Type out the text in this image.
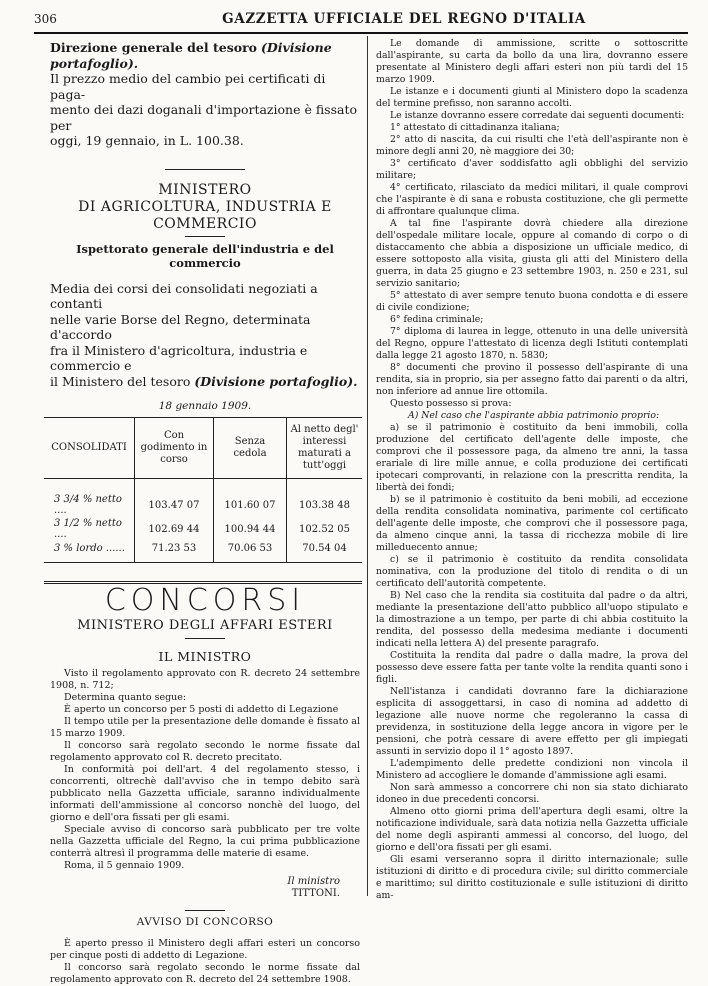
306	GAZZETTA UFFICIALE DEL REGNO D'ITALIA
Direzione generale del tesoro (Divisione portafoglio).
Il prezzo medio del cambio pei certificati di paga-
mento dei dazi doganali d'importazione è fissato per
oggi, 19 gennaio, in L. 100.38.
MINISTERO
DI AGRICOLTURA, INDUSTRIA E COMMERCIO
Ispettorato generale dell'industria e del commercio
Media dei corsi dei consolidati negoziati a contanti
nelle varie Borse del Regno, determinata d'accordo
fra il Ministero d'agricoltura, industria e commercio e
il Ministero del tesoro (Divisione portafoglio).
18 gennaio 1909.
CONSOLIDATI	Con godimento in corso	Senza cedola	Al netto degl' interessi maturati a tutt'oggi

3 3/4 % netto ....	103.47 07	101.60 07	103.38 48
3 1/2 % netto ....	102.69 44	100.94 44	102.52 05
3 % lordo ......	71.23 53	70.06 53	70.54 04
CONCORSI
MINISTERO DEGLI AFFARI ESTERI
IL MINISTRO

Visto il regolamento approvato con R. decreto 24 settembre 1908, n. 712;

Determina quanto segue:

È aperto un concorso per 5 posti di addetto di Legazione

Il tempo utile per la presentazione delle domande è fissato al 15 marzo 1909.

Il concorso sarà regolato secondo le norme fissate dal regolamento approvato col R. decreto precitato.

In conformità poi dell'art. 4 del regolamento stesso, i concorrenti, oltrechè dall'avviso che in tempo debito sarà pubblicato nella Gazzetta ufficiale, saranno individualmente informati dell'ammissione al concorso nonchè del luogo, del giorno e dell'ora fissati per gli esami.

Speciale avviso di concorso sarà pubblicato per tre volte nella Gazzetta ufficiale del Regno, la cui prima pubblicazione conterrà altresì il programma delle materie di esame.

Roma, il 5 gennaio 1909.

Il ministro
TITTONI.
AVVISO DI CONCORSO

È aperto presso il Ministero degli affari esteri un concorso per cinque posti di addetto di Legazione.

Il concorso sarà regolato secondo le norme fissate dal regolamento approvato con R. decreto del 24 settembre 1908.

Le domande di ammissione, scritte o sottoscritte dall'aspirante, su carta da bollo da una lira, dovranno essere presentate al Ministero degli affari esteri non più tardi del 15 marzo 1909.

Le istanze e i documenti giunti al Ministero dopo la scadenza del termine prefisso, non saranno accolti.

Le istanze dovranno essere corredate dai seguenti documenti:

1° attestato di cittadinanza italiana;

2° atto di nascita, da cui risulti che l'età dell'aspirante non è minore degli anni 20, nè maggiore dei 30;

3° certificato d'aver soddisfatto agli obblighi del servizio militare;

4° certificato, rilasciato da medici militari, il quale comprovi che l'aspirante è di sana e robusta costituzione, che gli permette di affrontare qualunque clima.

A tal fine l'aspirante dovrà chiedere alla direzione dell'ospedale militare locale, oppure al comando di corpo o di distaccamento che abbia a disposizione un ufficiale medico, di essere sottoposto alla visita, giusta gli atti del Ministero della guerra, in data 25 giugno e 23 settembre 1903, n. 250 e 231, sul servizio sanitario;

5° attestato di aver sempre tenuto buona condotta e di essere di civile condizione;

6° fedina criminale;

7° diploma di laurea in legge, ottenuto in una delle università del Regno, oppure l'attestato di licenza degli Istituti contemplati dalla legge 21 agosto 1870, n. 5830;

8° documenti che provino il possesso dell'aspirante di una rendita, sia in proprio, sia per assegno fatto dai parenti o da altri, non inferiore ad annue lire ottomila.

Questo possesso si prova:

A) Nel caso che l'aspirante abbia patrimonio proprio:

a) se il patrimonio è costituito da beni immobili, colla produzione del certificato dell'agente delle imposte, che comprovi che il possessore paga, da almeno tre anni, la tassa erariale di lire mille annue, e colla produzione dei certificati ipotecari comprovanti, in relazione con la prescritta rendita, la libertà dei fondi;

b) se il patrimonio è costituito da beni mobili, ad eccezione della rendita consolidata nominativa, parimente col certificato dell'agente delle imposte, che comprovi che il possessore paga, da almeno cinque anni, la tassa di ricchezza mobile di lire milleduecento annue;

c) se il patrimonio è costituito da rendita consolidata nominativa, con la produzione del titolo di rendita o di un certificato dell'autorità competente.

B) Nel caso che la rendita sia costituita dal padre o da altri, mediante la presentazione dell'atto pubblico all'uopo stipulato e la dimostrazione a un tempo, per parte di chi abbia costituito la rendita, del possesso della medesima mediante i documenti indicati nella lettera A) del presente paragrafo.

Costituita la rendita dal padre o dalla madre, la prova del possesso deve essere fatta per tante volte la rendita quanti sono i figli.

Nell'istanza i candidati dovranno fare la dichiarazione esplicita di assoggettarsi, in caso di nomina ad addetto di legazione alle nuove norme che regoleranno la cassa di previdenza, in sostituzione della legge ancora in vigore per le pensioni, che potrà cessare di avere effetto per gli impiegati assunti in servizio dopo il 1° agosto 1897.

L'adempimento delle predette condizioni non vincola il Ministero ad accogliere le domande d'ammissione agli esami.

Non sarà ammesso a concorrere chi non sia stato dichiarato idoneo in due precedenti concorsi.

Almeno otto giorni prima dell'apertura degli esami, oltre la notificazione individuale, sarà data notizia nella Gazzetta ufficiale del nome degli aspiranti ammessi al concorso, del luogo, del giorno e dell'ora fissati per gli esami.

Gli esami verseranno sopra il diritto internazionale; sulle istituzioni di diritto e di procedura civile; sul diritto commerciale e marittimo; sul diritto costituzionale e sulle istituzioni di diritto am-
